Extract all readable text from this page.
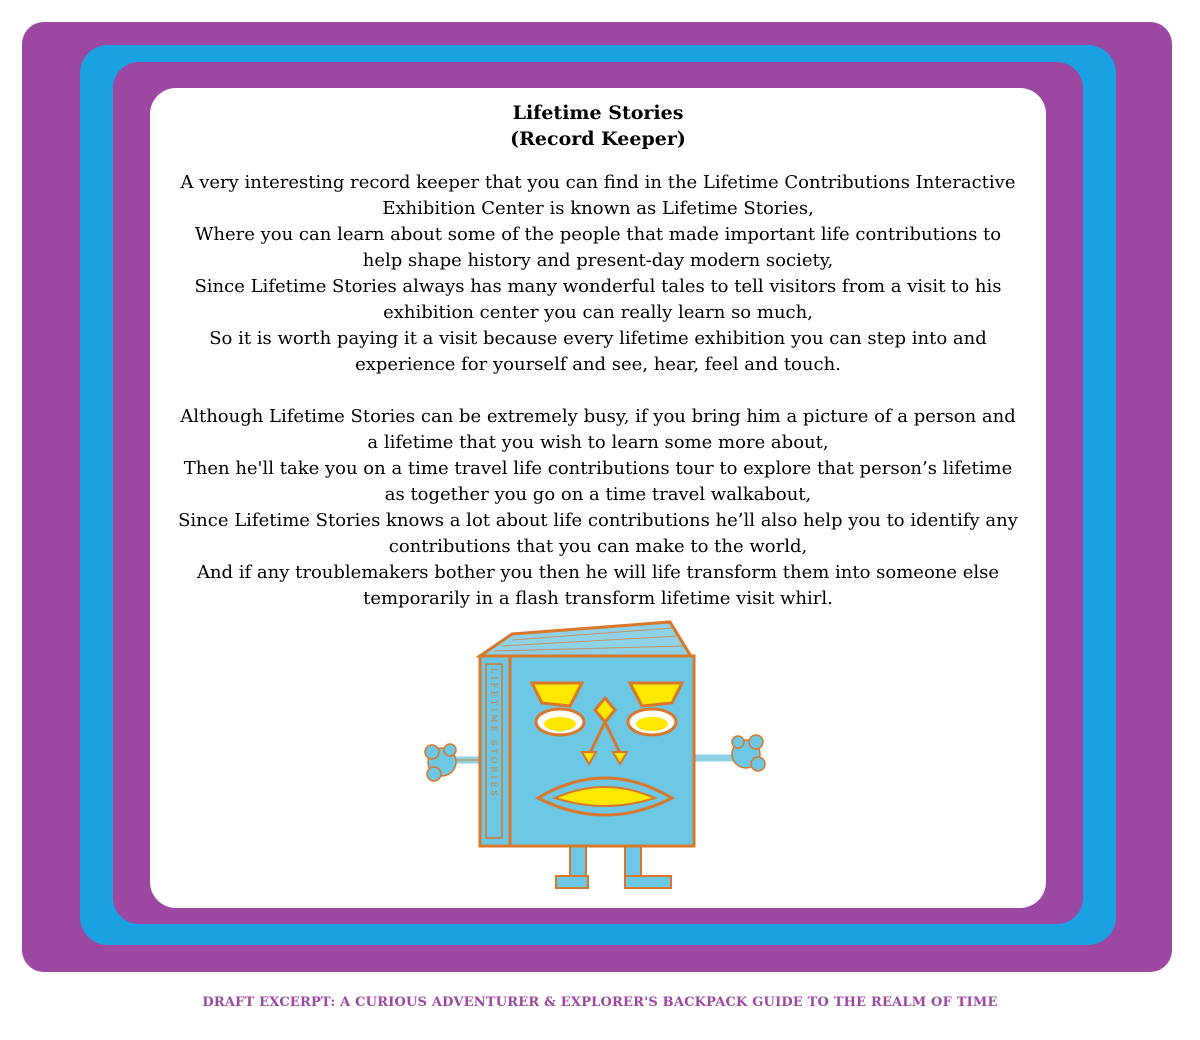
Lifetime Stories
(Record Keeper)

A very interesting record keeper that you can find in the Lifetime Contributions Interactive Exhibition Center is known as Lifetime Stories,

Where you can learn about some of the people that made important life contributions to help shape history and present-day modern society,

Since Lifetime Stories always has many wonderful tales to tell visitors from a visit to his exhibition center you can really learn so much,

So it is worth paying it a visit because every lifetime exhibition you can step into and experience for yourself and see, hear, feel and touch.

Although Lifetime Stories can be extremely busy, if you bring him a picture of a person and a lifetime that you wish to learn some more about,

Then he'll take you on a time travel life contributions tour to explore that person’s lifetime as together you go on a time travel walkabout,

Since Lifetime Stories knows a lot about life contributions he’ll also help you to identify any contributions that you can make to the world,

And if any troublemakers bother you then he will life transform them into someone else temporarily in a flash transform lifetime visit whirl.

LIFETIME STORIES
DRAFT EXCERPT: A CURIOUS ADVENTURER & EXPLORER'S BACKPACK GUIDE TO THE REALM OF TIME
